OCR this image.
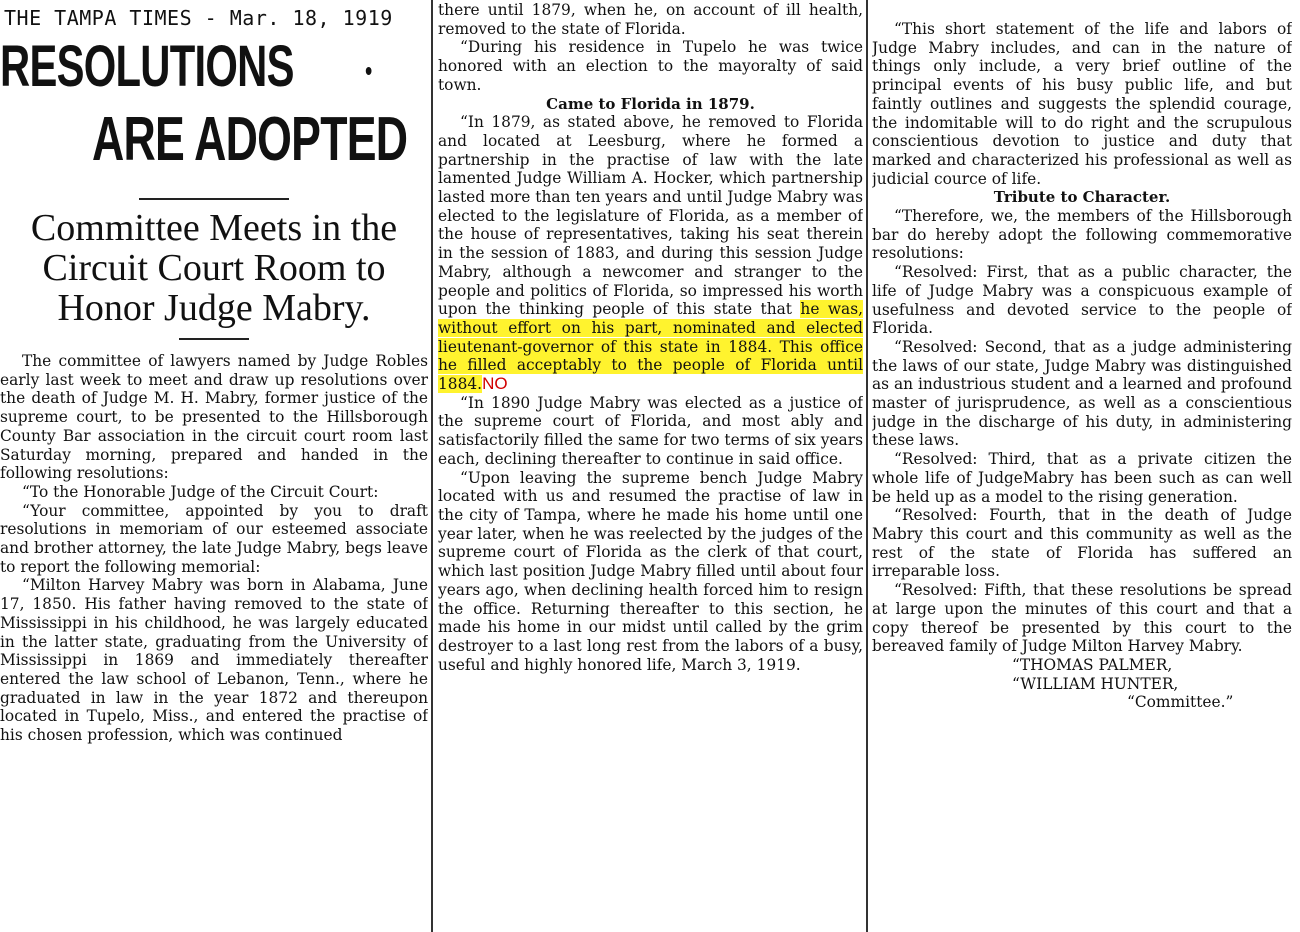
THE TAMPA TIMES - Mar. 18, 1919
RESOLUTIONS
ARE ADOPTED
Committee Meets in the Circuit Court Room to Honor Judge Mabry.

The committee of lawyers named by Judge Robles early last week to meet and draw up resolutions over the death of Judge M. H. Mabry, former justice of the supreme court, to be presented to the Hillsborough County Bar association in the circuit court room last Saturday morning, prepared and handed in the following resolutions:

“To the Honorable Judge of the Circuit Court:

“Your committee, appointed by you to draft resolutions in memoriam of our esteemed associate and brother attorney, the late Judge Mabry, begs leave to report the following memorial:

“Milton Harvey Mabry was born in Alabama, June 17, 1850. His father having removed to the state of Mississippi in his childhood, he was largely educated in the latter state, graduating from the University of Mississippi in 1869 and immediately thereafter entered the law school of Lebanon, Tenn., where he graduated in law in the year 1872 and thereupon located in Tupelo, Miss., and entered the practise of his chosen profession, which was continued

there until 1879, when he, on account of ill health, removed to the state of Florida.

“During his residence in Tupelo he was twice honored with an election to the mayoralty of said town.

Came to Florida in 1879.

“In 1879, as stated above, he removed to Florida and located at Leesburg, where he formed a partnership in the practise of law with the late lamented Judge William A. Hocker, which partnership lasted more than ten years and until Judge Mabry was elected to the legislature of Florida, as a member of the house of representatives, taking his seat therein in the session of 1883, and during this session Judge Mabry, although a newcomer and stranger to the people and politics of Florida, so impressed his worth upon the thinking people of this state that he was, without effort on his part, nominated and elected lieutenant-governor of this state in 1884. This office he filled acceptably to the people of Florida until 1884.NO

“In 1890 Judge Mabry was elected as a justice of the supreme court of Florida, and most ably and satisfactorily filled the same for two terms of six years each, declining thereafter to continue in said office.

“Upon leaving the supreme bench Judge Mabry located with us and resumed the practise of law in the city of Tampa, where he made his home until one year later, when he was reelected by the judges of the supreme court of Florida as the clerk of that court, which last position Judge Mabry filled until about four years ago, when declining health forced him to resign the office. Returning thereafter to this section, he made his home in our midst until called by the grim destroyer to a last long rest from the labors of a busy, useful and highly honored life, March 3, 1919.

“This short statement of the life and labors of Judge Mabry includes, and can in the nature of things only include, a very brief outline of the principal events of his busy public life, and but faintly outlines and suggests the splendid courage, the indomitable will to do right and the scrupulous conscientious devotion to justice and duty that marked and characterized his professional as well as judicial cource of life.

Tribute to Character.

“Therefore, we, the members of the Hillsborough bar do hereby adopt the following commemorative resolutions:

“Resolved: First, that as a public character, the life of Judge Mabry was a conspicuous example of usefulness and devoted service to the people of Florida.

“Resolved: Second, that as a judge administering the laws of our state, Judge Mabry was distinguished as an industrious student and a learned and profound master of jurisprudence, as well as a conscientious judge in the discharge of his duty, in administering these laws.

“Resolved: Third, that as a private citizen the whole life of JudgeMabry has been such as can well be held up as a model to the rising generation.

“Resolved: Fourth, that in the death of Judge Mabry this court and this community as well as the rest of the state of Florida has suffered an irreparable loss.

“Resolved: Fifth, that these resolutions be spread at large upon the minutes of this court and that a copy thereof be presented by this court to the bereaved family of Judge Milton Harvey Mabry.

“THOMAS PALMER,

“WILLIAM HUNTER,

“Committee.”
